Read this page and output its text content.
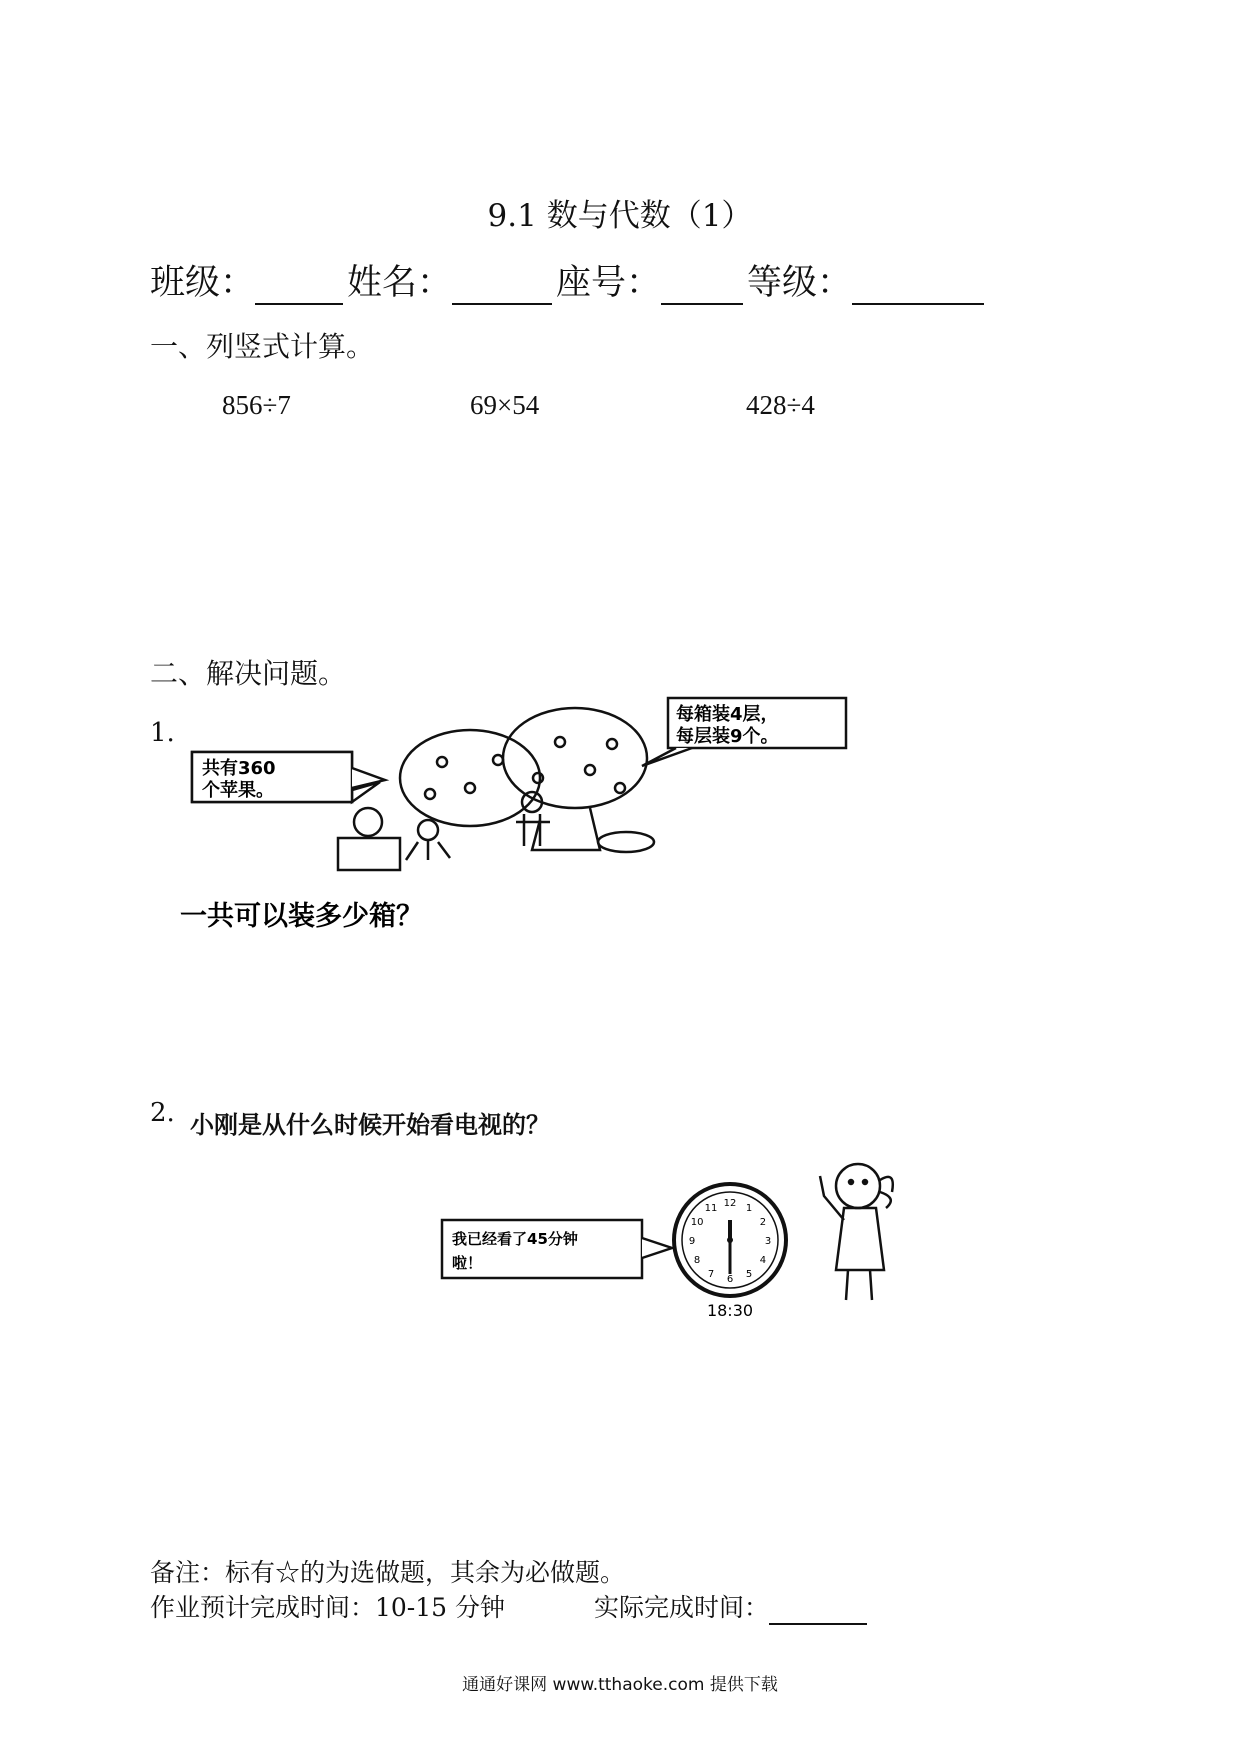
9.1 数与代数（1）
班级：	姓名：	座号： 等级：
一、列竖式计算。
856÷7	69×54	428÷4
二、解决问题。
1.
共有360
个苹果。
每箱装4层，
每层装9个。
一共可以装多少箱？
2. 小刚是从什么时候开始看电视的？
我已经看了45分钟
啦！
12 1
2
3
4
5
6
7
8
9
10
11
18:30
备注：标有☆的为选做题，其余为必做题。
作业预计完成时间：10-15 分钟	实际完成时间：
通通好课网 www.tthaoke.com 提供下载
